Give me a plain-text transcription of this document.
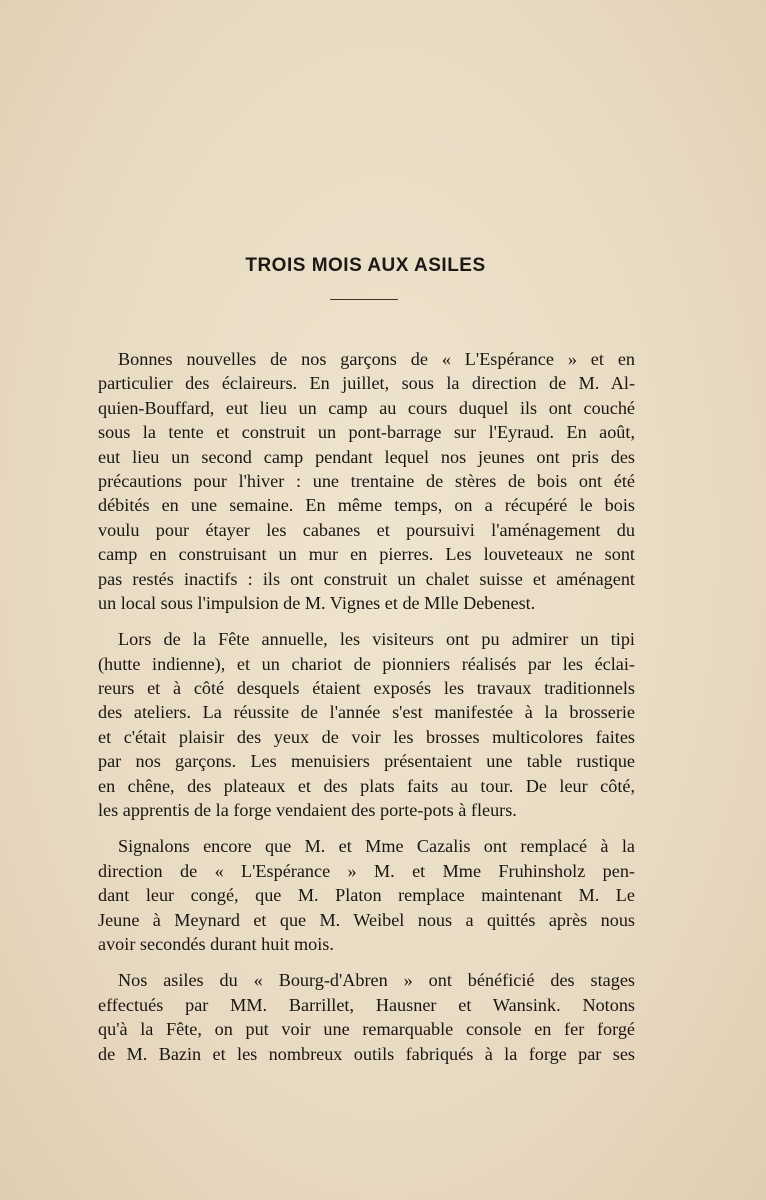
TROIS MOIS AUX ASILES
Bonnes nouvelles de nos garçons de « L'Espérance » et en
particulier des éclaireurs. En juillet, sous la direction de M. Al-
quien-Bouffard, eut lieu un camp au cours duquel ils ont couché
sous la tente et construit un pont-barrage sur l'Eyraud. En août,
eut lieu un second camp pendant lequel nos jeunes ont pris des
précautions pour l'hiver : une trentaine de stères de bois ont été
débités en une semaine. En même temps, on a récupéré le bois
voulu pour étayer les cabanes et poursuivi l'aménagement du
camp en construisant un mur en pierres. Les louveteaux ne sont
pas restés inactifs : ils ont construit un chalet suisse et aménagent
un local sous l'impulsion de M. Vignes et de Mlle Debenest.
Lors de la Fête annuelle, les visiteurs ont pu admirer un tipi
(hutte indienne), et un chariot de pionniers réalisés par les éclai-
reurs et à côté desquels étaient exposés les travaux traditionnels
des ateliers. La réussite de l'année s'est manifestée à la brosserie
et c'était plaisir des yeux de voir les brosses multicolores faites
par nos garçons. Les menuisiers présentaient une table rustique
en chêne, des plateaux et des plats faits au tour. De leur côté,
les apprentis de la forge vendaient des porte-pots à fleurs.
Signalons encore que M. et Mme Cazalis ont remplacé à la
direction de « L'Espérance » M. et Mme Fruhinsholz pen-
dant leur congé, que M. Platon remplace maintenant M. Le
Jeune à Meynard et que M. Weibel nous a quittés après nous
avoir secondés durant huit mois.
Nos asiles du « Bourg-d'Abren » ont bénéficié des stages
effectués par MM. Barrillet, Hausner et Wansink. Notons
qu'à la Fête, on put voir une remarquable console en fer forgé
de M. Bazin et les nombreux outils fabriqués à la forge par ses
